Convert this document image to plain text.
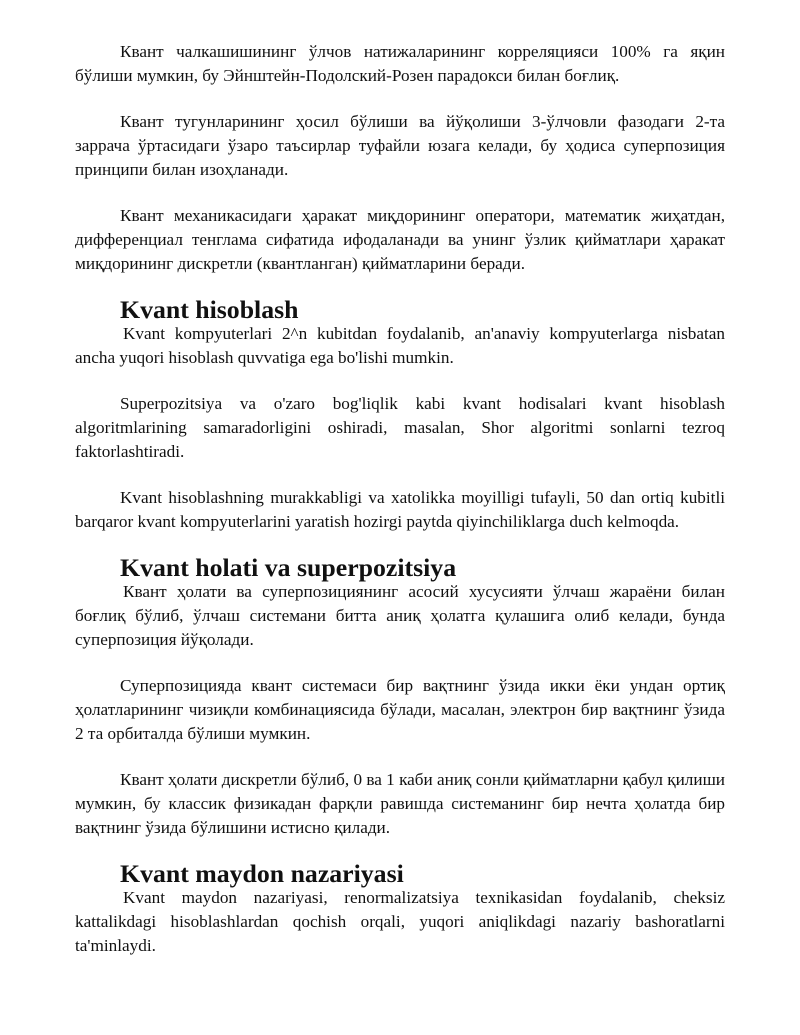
Квант чалкашишининг ўлчов натижаларининг корреляцияси 100% га яқин бўлиши мумкин, бу Эйнштейн-Подолский-Розен парадокси билан боғлиқ.

Квант тугунларининг ҳосил бўлиши ва йўқолиши 3-ўлчовли фазодаги 2-та заррача ўртасидаги ўзаро таъсирлар туфайли юзага келади, бу ҳодиса суперпозиция принципи билан изоҳланади.

Квант механикасидаги ҳаракат миқдорининг оператори, математик жиҳатдан, дифференциал тенглама сифатида ифодаланади ва унинг ўзлик қийматлари ҳаракат миқдорининг дискретли (квантланган) қийматларини беради.

Kvant hisoblash

Kvant kompyuterlari 2^n kubitdan foydalanib, an'anaviy kompyuterlarga nisbatan ancha yuqori hisoblash quvvatiga ega bo'lishi mumkin.

Superpozitsiya va o'zaro bog'liqlik kabi kvant hodisalari kvant hisoblash algoritmlarining samaradorligini oshiradi, masalan, Shor algoritmi sonlarni tezroq faktorlashtiradi.

Kvant hisoblashning murakkabligi va xatolikka moyilligi tufayli, 50 dan ortiq kubitli barqaror kvant kompyuterlarini yaratish hozirgi paytda qiyinchiliklarga duch kelmoqda.

Kvant holati va superpozitsiya

Квант ҳолати ва суперпозициянинг асосий хусусияти ўлчаш жараёни билан боғлиқ бўлиб, ўлчаш системани битта аниқ ҳолатга қулашига олиб келади, бунда суперпозиция йўқолади.

Суперпозицияда квант системаси бир вақтнинг ўзида икки ёки ундан ортиқ ҳолатларининг чизиқли комбинациясида бўлади, масалан, электрон бир вақтнинг ўзида 2 та орбиталда бўлиши мумкин.

Квант ҳолати дискретли бўлиб, 0 ва 1 каби аниқ сонли қийматларни қабул қилиши мумкин, бу классик физикадан фарқли равишда системанинг бир нечта ҳолатда бир вақтнинг ўзида бўлишини истисно қилади.

Kvant maydon nazariyasi

Kvant maydon nazariyasi, renormalizatsiya texnikasidan foydalanib, cheksiz kattalikdagi hisoblashlardan qochish orqali, yuqori aniqlikdagi nazariy bashoratlarni ta'minlaydi.
